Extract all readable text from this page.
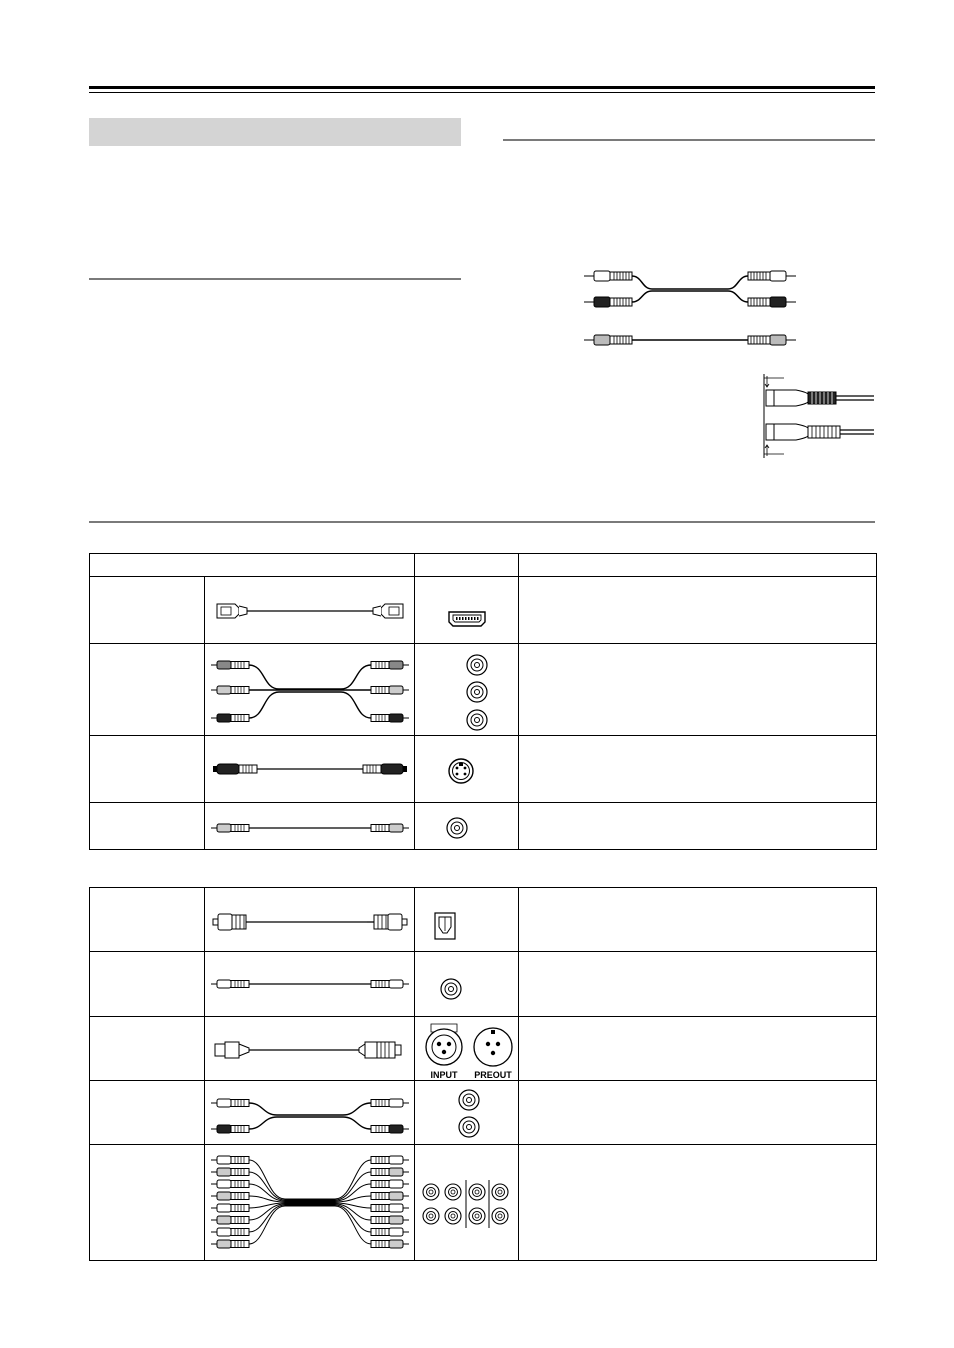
INPUT PREOUT	
